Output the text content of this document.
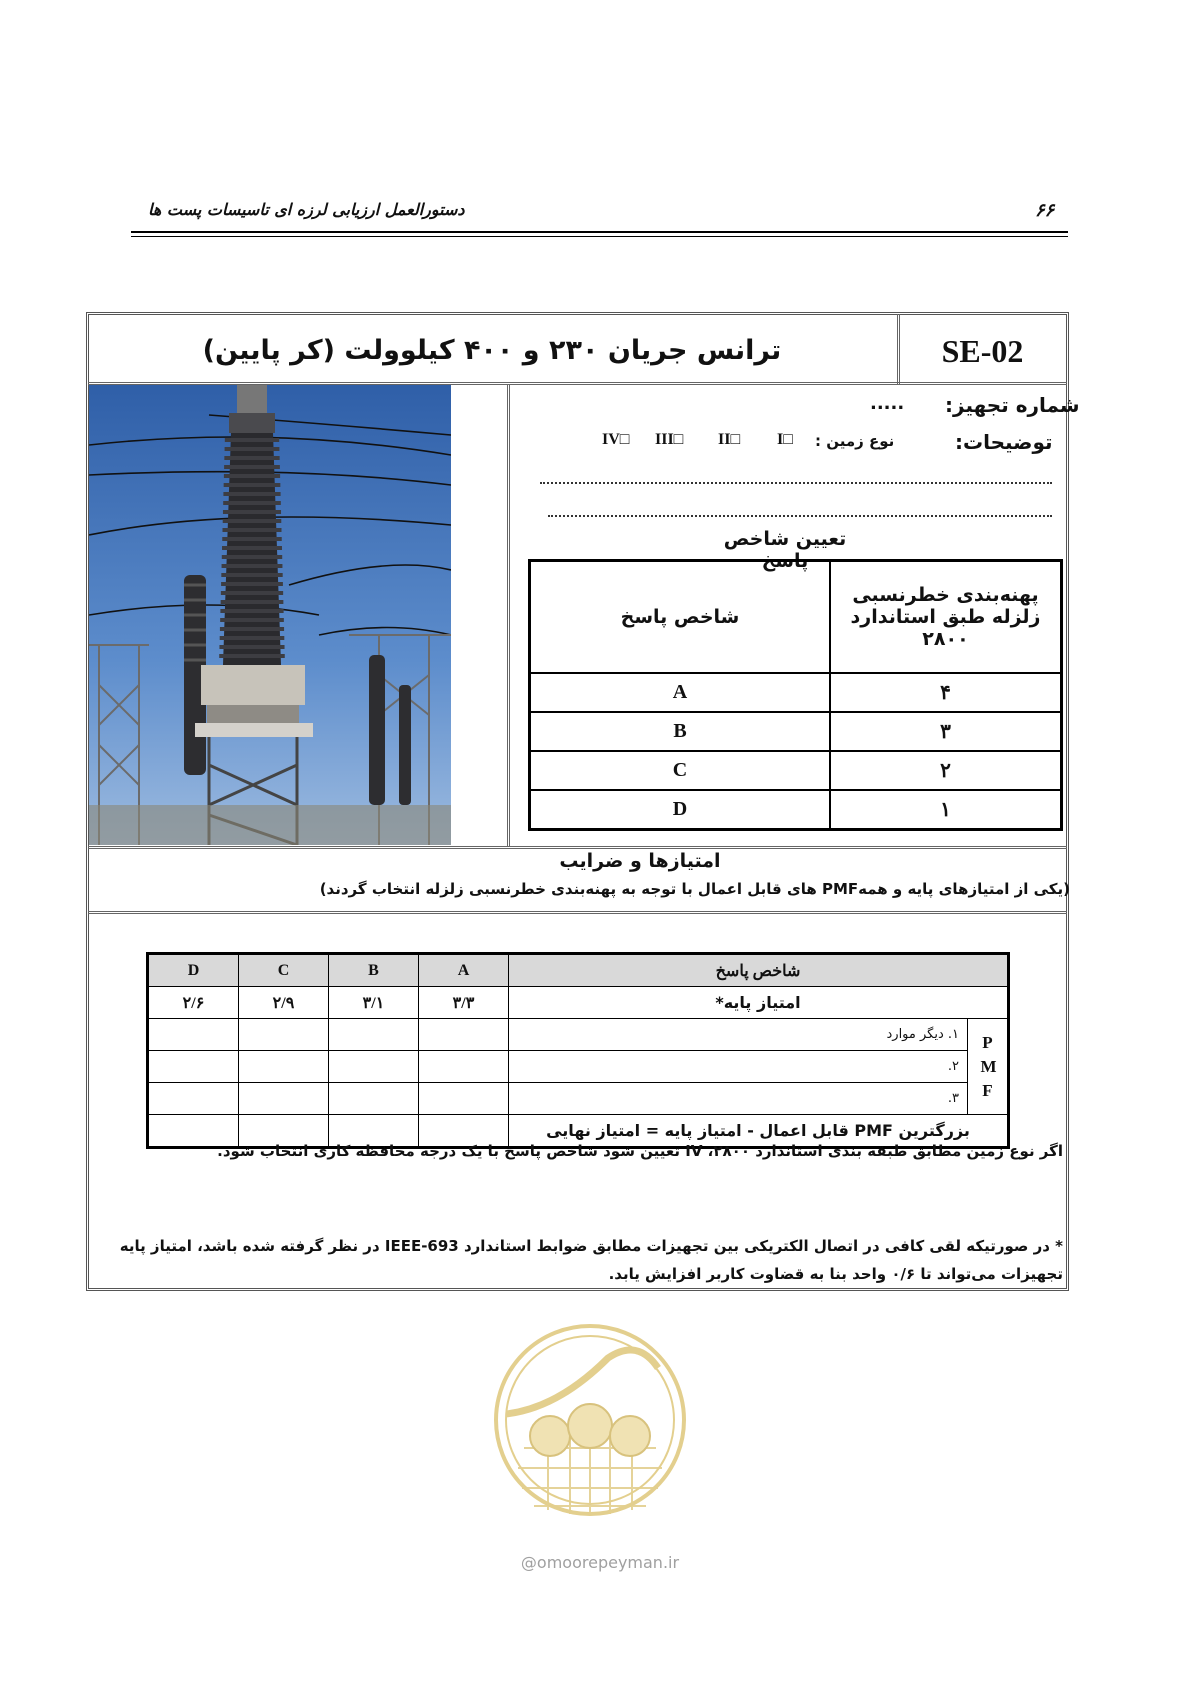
۶۶
دستورالعمل ارزیابی لرزه ای تاسیسات پست ها
SE-02
ترانس جریان ۲۳۰ و ۴۰۰ کیلوولت (کر پایین)
شماره تجهیز:
.....
توضیحات:
نوع زمین :
I□
II□
III□
IV□
تعیین شاخص پاسخ
پهنه‌بندی خطرنسبی زلزله طبق استاندارد ۲۸۰۰	شاخص پاسخ
۴	A
۳	B
۲	C
۱	D
امتیازها و ضرایب
(یکی از امتیازهای پایه و همهPMF های قابل اعمال با توجه به پهنه‌بندی خطرنسبی زلزله انتخاب گردند)
شاخص پاسخ		A	B	C	D
امتیاز پایه*		۳/۳	۳/۱	۲/۹	۲/۶
P M F	۱. دیگر موارد				
	۲.				
	۳.				
بزرگترین PMF قابل اعمال - امتیاز پایه = امتیاز نهایی					
اگر نوع زمین مطابق طبقه بندی استاندارد ۲۸۰۰، IV تعیین شود شاخص پاسخ با یک درجه محافظه کاری انتخاب شود.
* در صورتیکه لقی کافی در اتصال الکتریکی بین تجهیزات مطابق ضوابط استاندارد IEEE-693 در نظر گرفته شده باشد، امتیاز پایه تجهیزات می‌تواند تا ۰/۶ واحد بنا به قضاوت کاربر افزایش یابد.
@omoorepeyman.ir
